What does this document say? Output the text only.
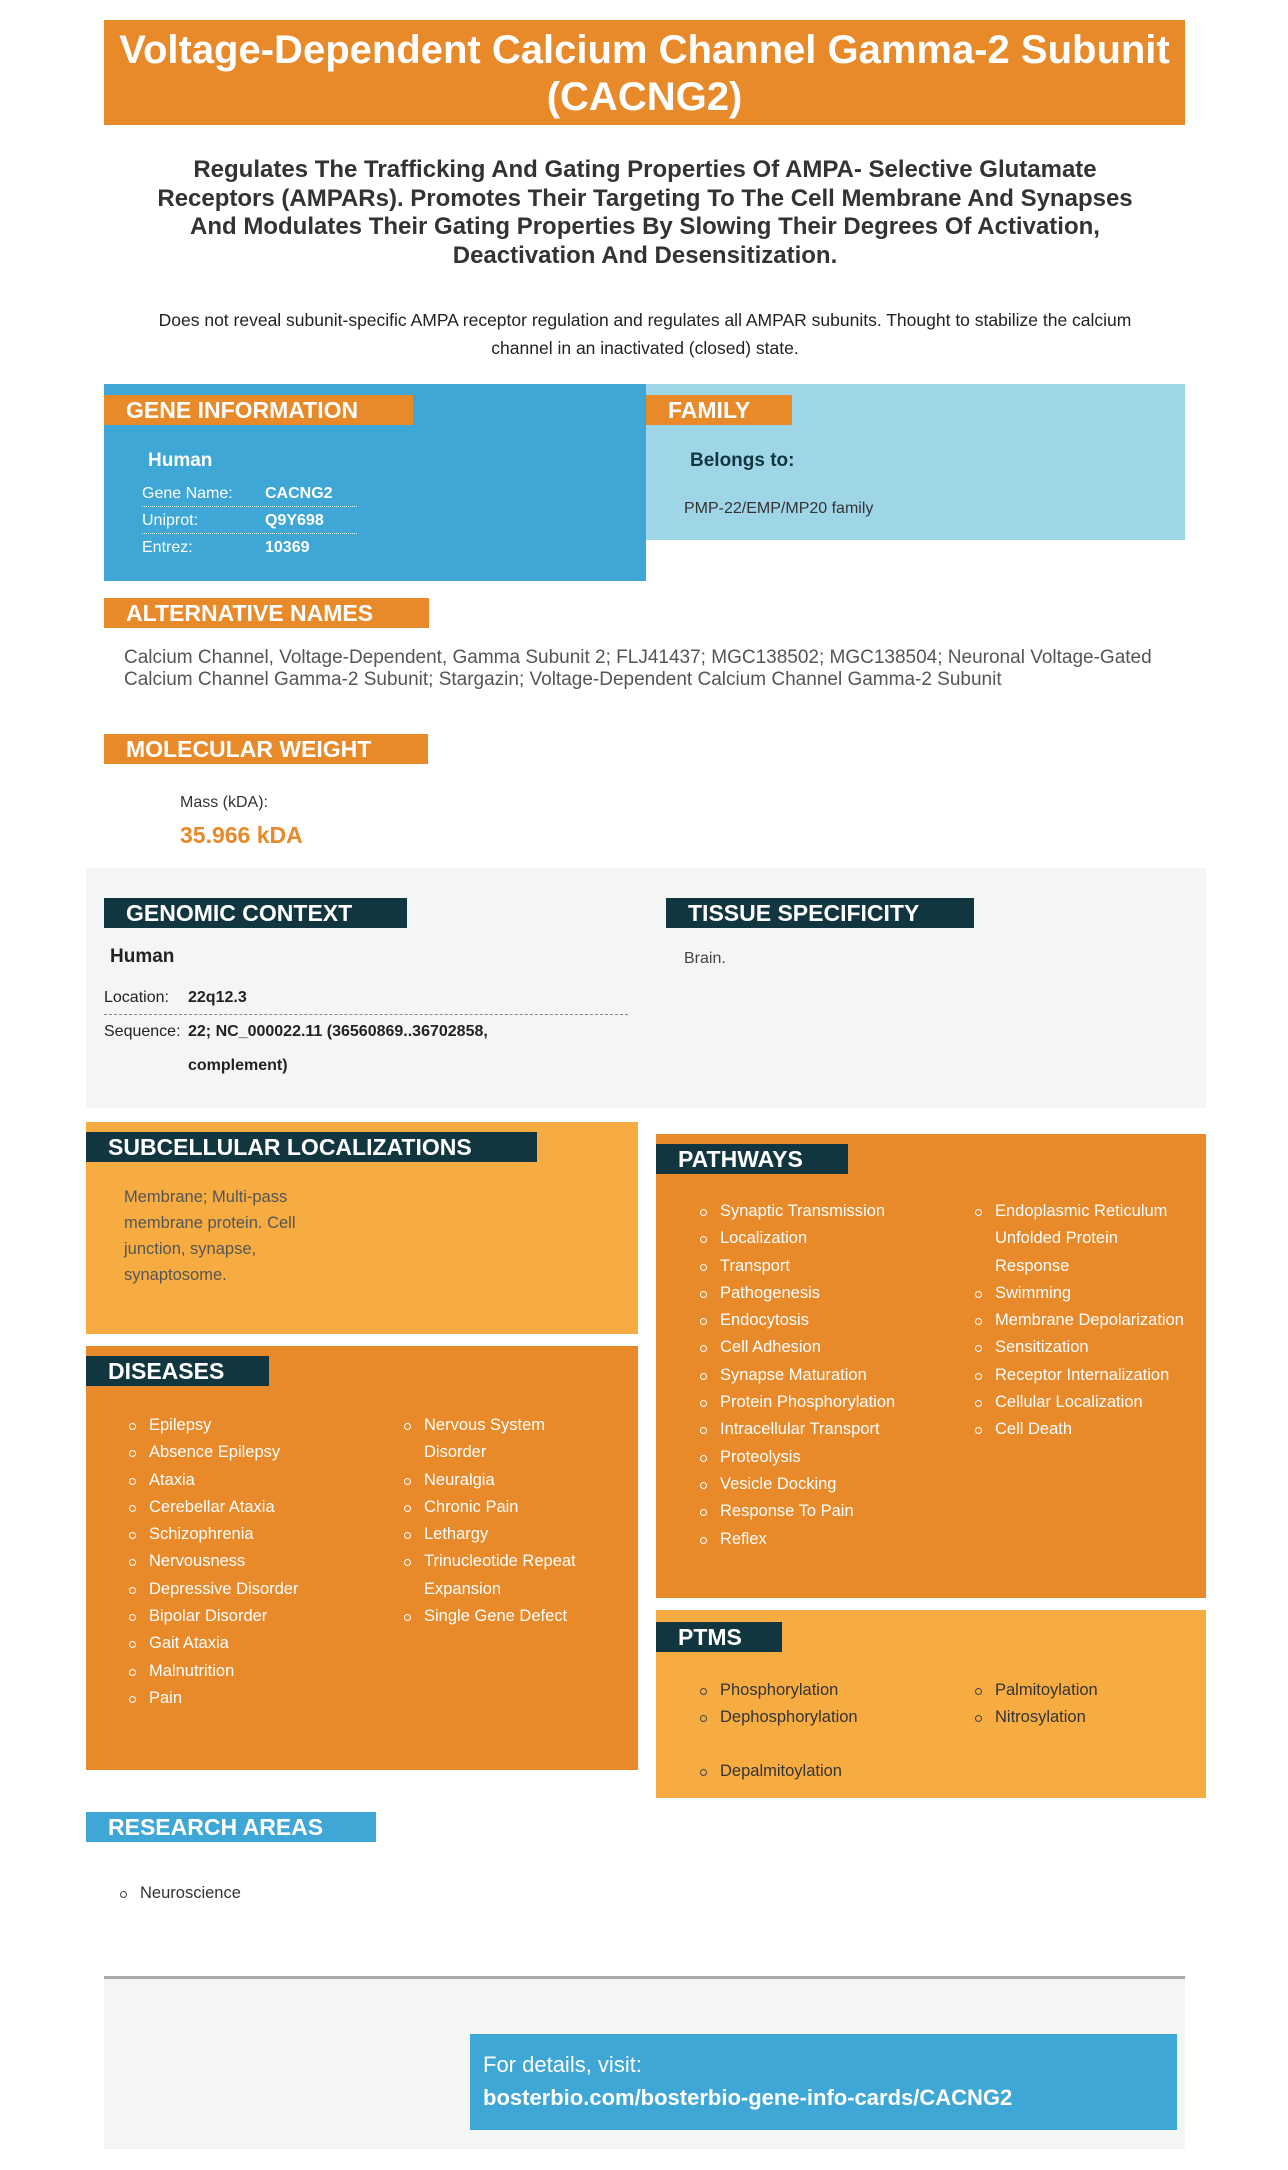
Voltage-Dependent Calcium Channel Gamma-2 Subunit (CACNG2)
Regulates The Trafficking And Gating Properties Of AMPA- Selective Glutamate Receptors (AMPARs). Promotes Their Targeting To The Cell Membrane And Synapses And Modulates Their Gating Properties By Slowing Their Degrees Of Activation, Deactivation And Desensitization.
Does not reveal subunit-specific AMPA receptor regulation and regulates all AMPAR subunits. Thought to stabilize the calcium channel in an inactivated (closed) state.
GENE INFORMATION
Human
Gene Name: CACNG2
Uniprot:	Q9Y698
Entrez:	10369
FAMILY
Belongs to:
PMP-22/EMP/MP20 family
ALTERNATIVE NAMES
Calcium Channel, Voltage-Dependent, Gamma Subunit 2; FLJ41437; MGC138502; MGC138504; Neuronal Voltage-Gated Calcium Channel Gamma-2 Subunit; Stargazin; Voltage-Dependent Calcium Channel Gamma-2 Subunit
MOLECULAR WEIGHT
Mass (kDA):
35.966 kDA
GENOMIC CONTEXT
Human
Location: 22q12.3
Sequence: 22; NC_000022.11 (36560869..36702858,
complement)
TISSUE SPECIFICITY
Brain.
SUBCELLULAR LOCALIZATIONS
Membrane; Multi-pass membrane protein. Cell junction, synapse, synaptosome.
PATHWAYS
Synaptic Transmission
Localization
Transport
Pathogenesis
Endocytosis
Cell Adhesion
Synapse Maturation
Protein Phosphorylation
Intracellular Transport
Proteolysis
Vesicle Docking
Response To Pain
Reflex
Endoplasmic Reticulum Unfolded Protein Response
Swimming
Membrane Depolarization
Sensitization
Receptor Internalization
Cellular Localization
Cell Death
DISEASES
Epilepsy
Absence Epilepsy
Ataxia
Cerebellar Ataxia
Schizophrenia
Nervousness
Depressive Disorder
Bipolar Disorder
Gait Ataxia
Malnutrition
Pain
Nervous System Disorder
Neuralgia
Chronic Pain
Lethargy
Trinucleotide Repeat Expansion
Single Gene Defect
PTMS
Phosphorylation
Dephosphorylation
Palmitoylation
Nitrosylation
Depalmitoylation
RESEARCH AREAS
Neuroscience
For details, visit:
bosterbio.com/bosterbio-gene-info-cards/CACNG2
